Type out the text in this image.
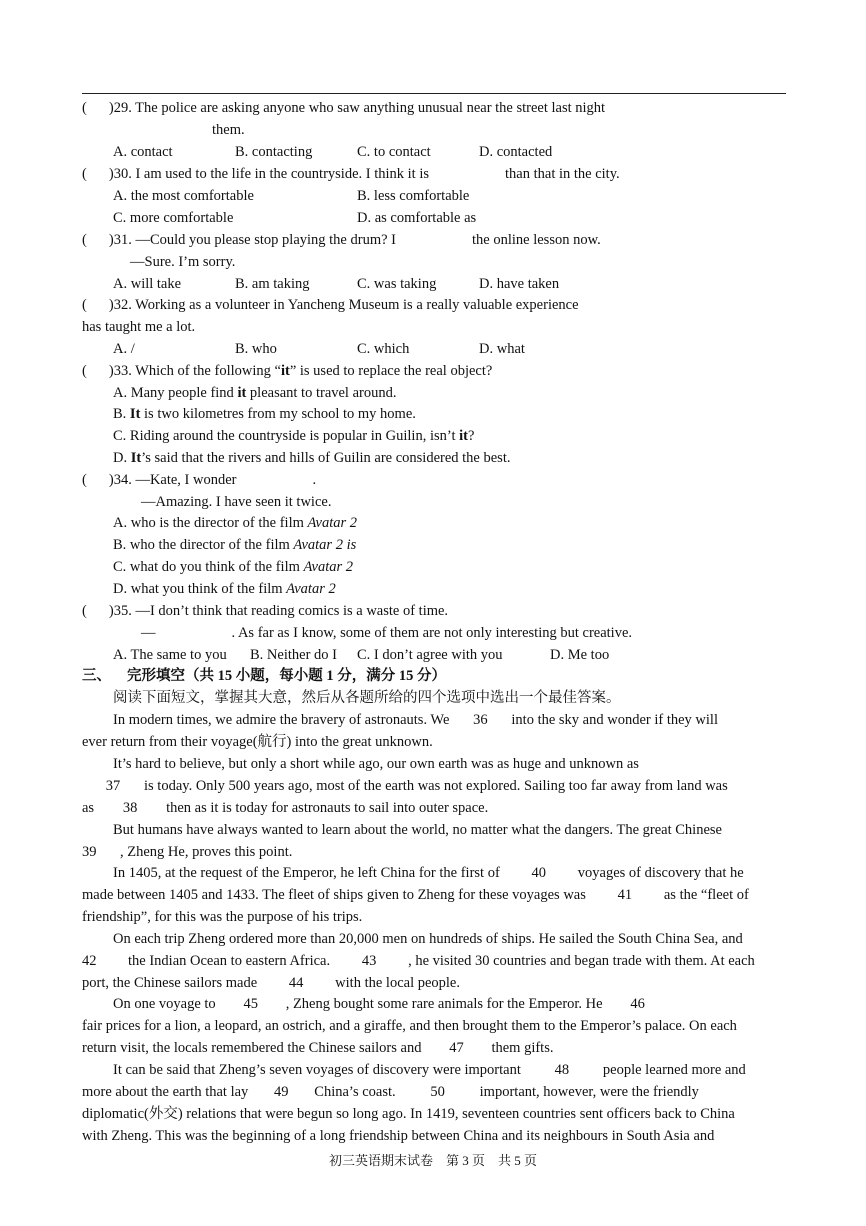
( )29. The police are asking anyone who saw anything unusual near the street last night
them.
A. contact	B. contacting	C. to contact	D. contacted
( )30. I am used to the life in the countryside. I think it is	than that in the city.
A. the most comfortable	B. less comfortable
C. more comfortable	D. as comfortable as
( )31. —Could you please stop playing the drum? I	the online lesson now.
—Sure. I’m sorry.
A. will take	B. am taking	C. was taking	D. have taken
( )32. Working as a volunteer in Yancheng Museum is a really valuable experience
has taught me a lot.
A. /	B. who	C. which	D. what
( )33. Which of the following “it” is used to replace the real object?
A. Many people find it pleasant to travel around.
B. It is two kilometres from my school to my home.
C. Riding around the countryside is popular in Guilin, isn’t it?
D. It’s said that the rivers and hills of Guilin are considered the best.
( )34. —Kate, I wonder	.
—Amazing. I have seen it twice.
A. who is the director of the film Avatar 2
B. who the director of the film Avatar 2 is
C. what do you think of the film Avatar 2
D. what you think of the film Avatar 2
( )35. —I don’t think that reading comics is a waste of time.
—	. As far as I know, some of them are not only interesting but creative.
A. The same to you B. Neither do I C. I don’t agree with you	D. Me too
三、 完形填空（共 15 小题，每小题 1 分，满分 15 分）
阅读下面短文，掌握其大意，然后从各题所给的四个选项中选出一个最佳答案。
In modern times, we admire the bravery of astronauts. We 36 into the sky and wonder if they will
ever return from their voyage(航行) into the great unknown.
It’s hard to believe, but only a short while ago, our own earth was as huge and unknown as
37 is today. Only 500 years ago, most of the earth was not explored. Sailing too far away from land was
as 38 then as it is today for astronauts to sail into outer space.
But humans have always wanted to learn about the world, no matter what the dangers. The great Chinese
39 , Zheng He, proves this point.
In 1405, at the request of the Emperor, he left China for the first of 40 voyages of discovery that he
made between 1405 and 1433. The fleet of ships given to Zheng for these voyages was 41 as the “fleet of
friendship”, for this was the purpose of his trips.
On each trip Zheng ordered more than 20,000 men on hundreds of ships. He sailed the South China Sea, and
42 the Indian Ocean to eastern Africa. 43 , he visited 30 countries and began trade with them. At each
port, the Chinese sailors made 44 with the local people.
On one voyage to 45 , Zheng bought some rare animals for the Emperor. He 46
fair prices for a lion, a leopard, an ostrich, and a giraffe, and then brought them to the Emperor’s palace. On each
return visit, the locals remembered the Chinese sailors and 47 them gifts.
It can be said that Zheng’s seven voyages of discovery were important 48 people learned more and
more about the earth that lay 49 China’s coast. 50 important, however, were the friendly
diplomatic(外交) relations that were begun so long ago. In 1419, seventeen countries sent officers back to China
with Zheng. This was the beginning of a long friendship between China and its neighbours in South Asia and
初三英语期末试卷　第 3 页　共 5 页
